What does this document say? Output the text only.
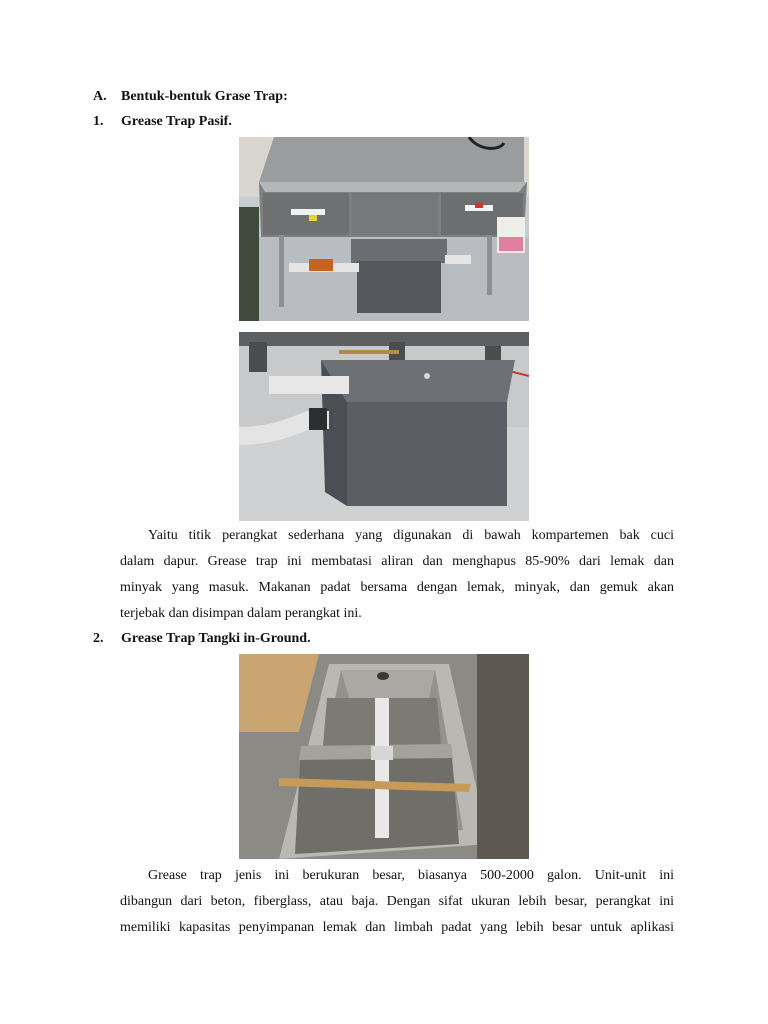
A. Bentuk-bentuk Grase Trap:
1. Grease Trap Pasif.
Yaitu titik perangkat sederhana yang digunakan di bawah kompartemen bak cuci
dalam dapur. Grease trap ini membatasi aliran dan menghapus 85-90% dari lemak dan
minyak yang masuk. Makanan padat bersama dengan lemak, minyak, dan gemuk akan
terjebak dan disimpan dalam perangkat ini.
2. Grease Trap Tangki in-Ground.
Grease trap jenis ini berukuran besar, biasanya 500-2000 galon. Unit-unit ini
dibangun dari beton, fiberglass, atau baja. Dengan sifat ukuran lebih besar, perangkat ini
memiliki kapasitas penyimpanan lemak dan limbah padat yang lebih besar untuk aplikasi
